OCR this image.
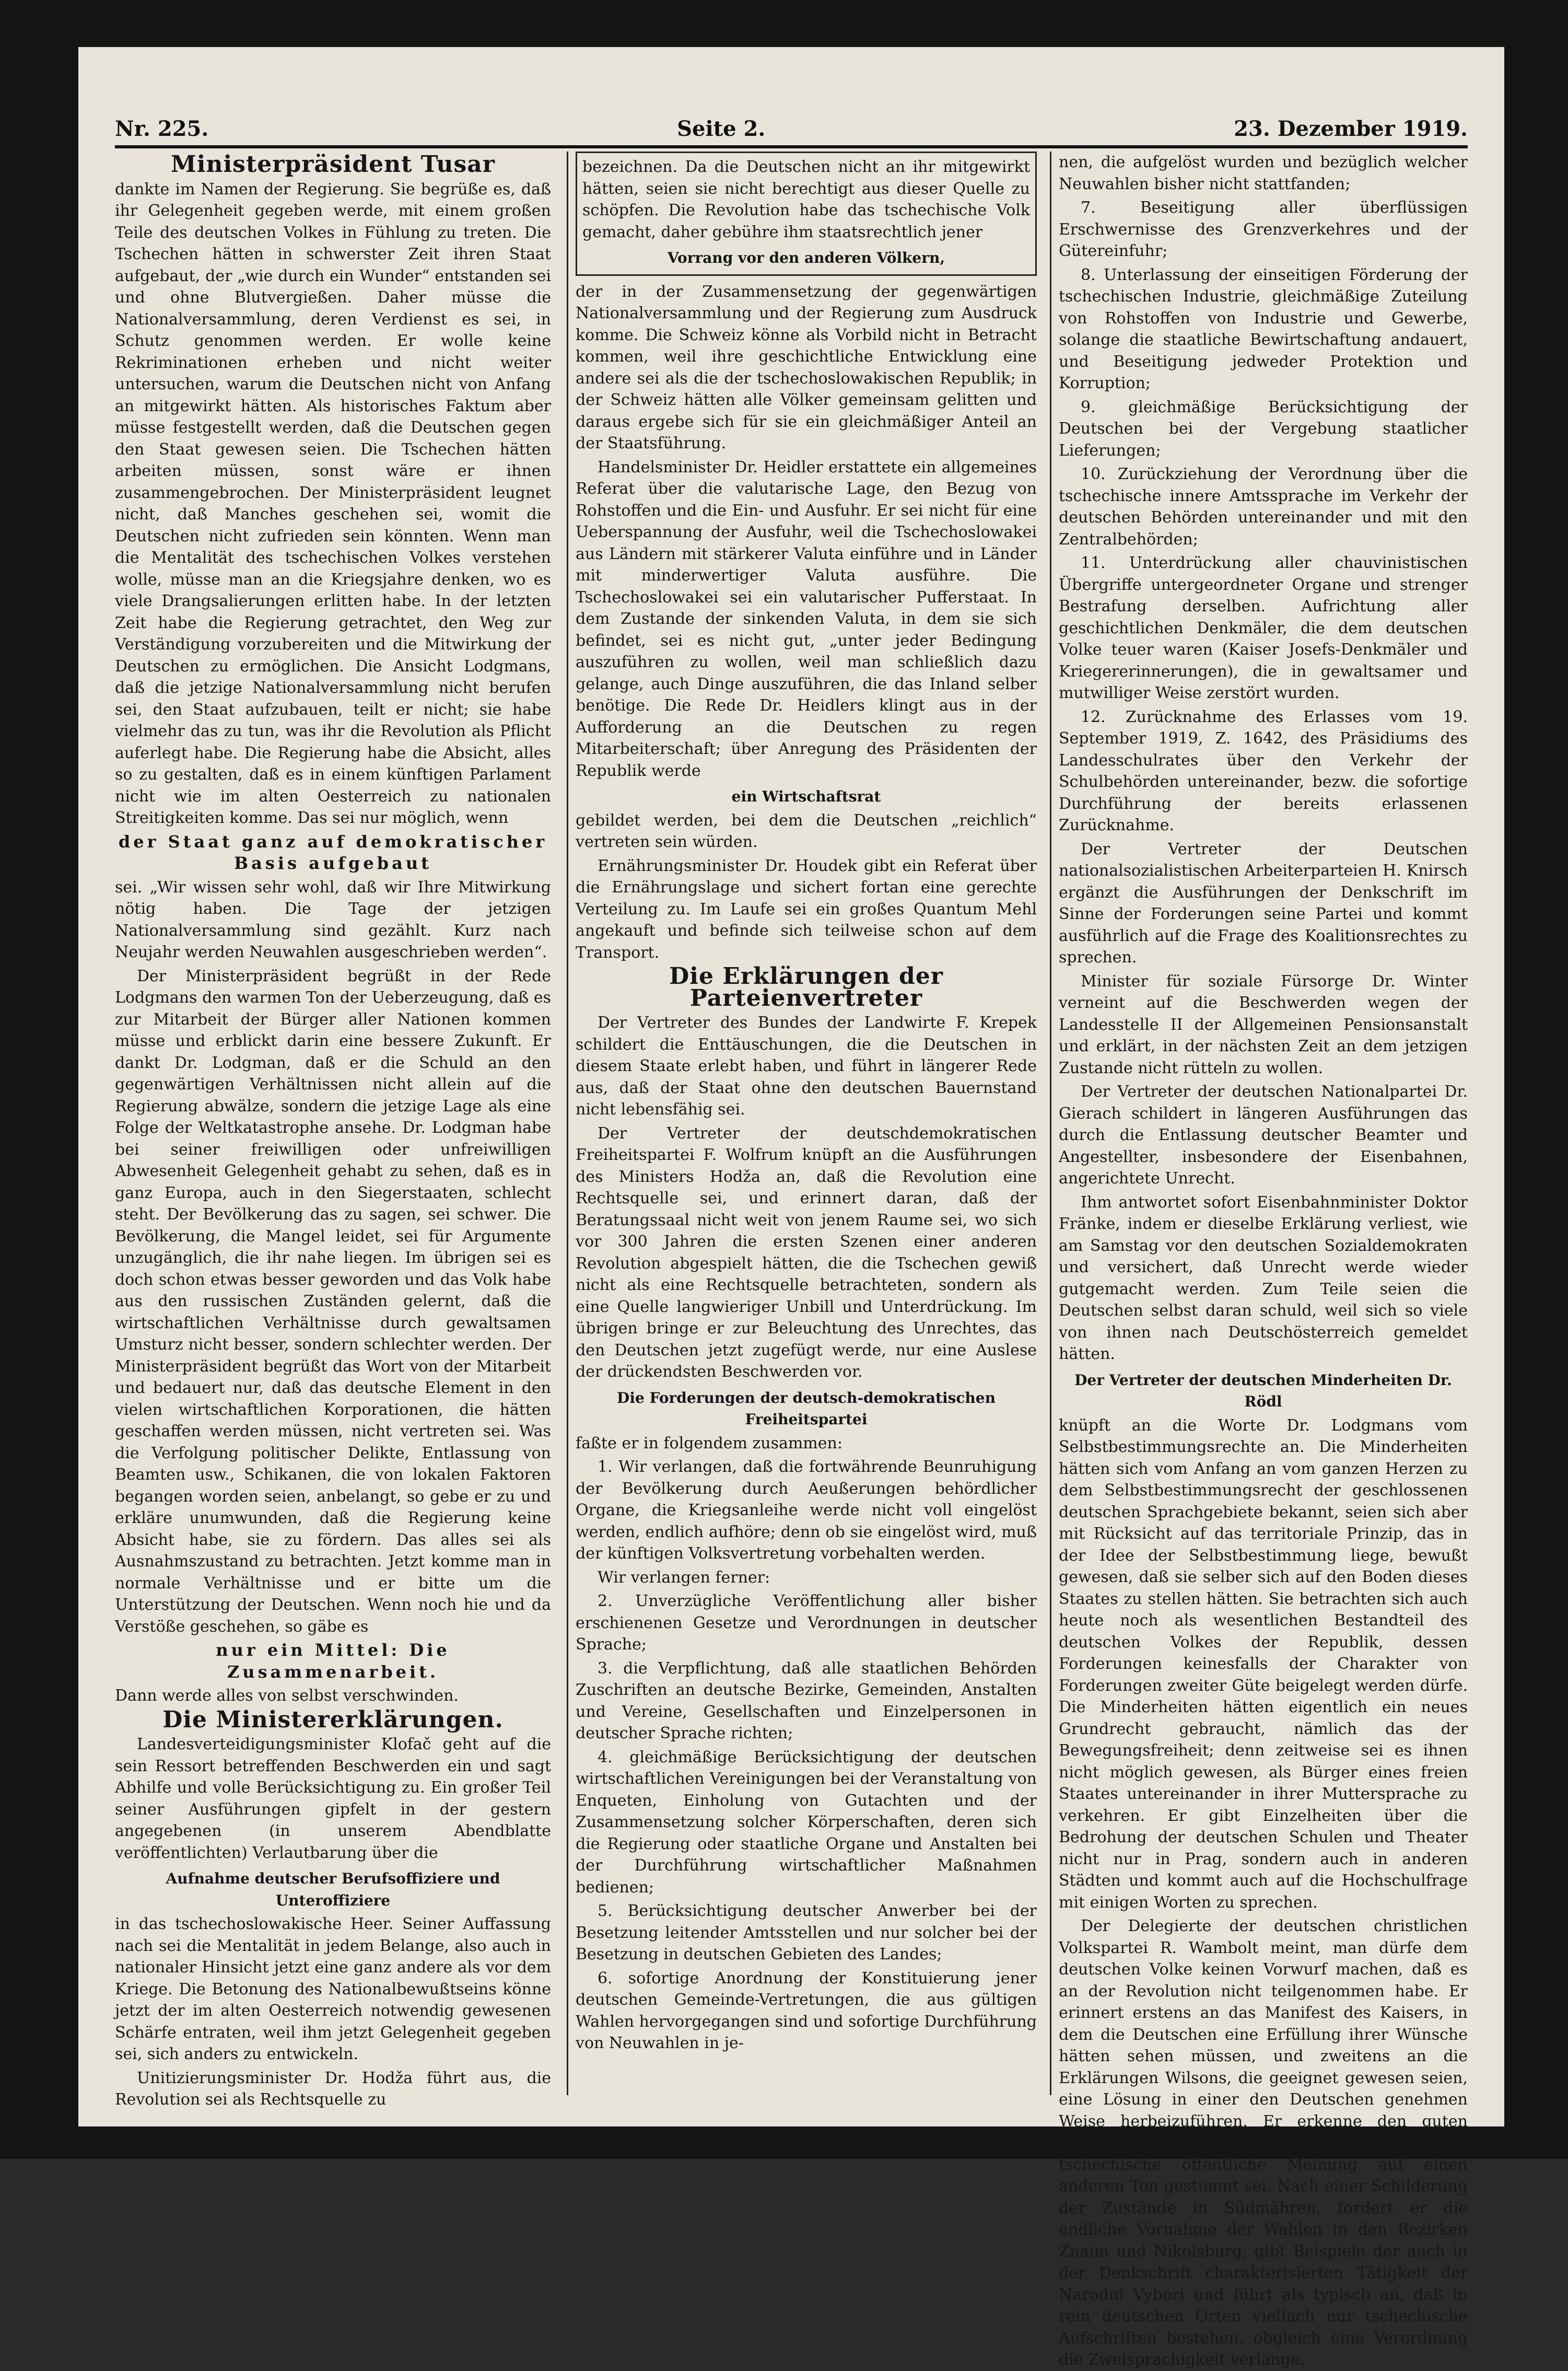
Nr. 225.	Seite 2.	23. Dezember 1919.
Ministerpräsident Tusar

dankte im Namen der Regierung. Sie begrüße es, daß ihr Gelegenheit gegeben werde, mit einem großen Teile des deutschen Volkes in Fühlung zu treten. Die Tschechen hätten in schwerster Zeit ihren Staat aufgebaut, der „wie durch ein Wunder“ entstanden sei und ohne Blutvergießen. Daher müsse die Nationalversammlung, deren Verdienst es sei, in Schutz genommen werden. Er wolle keine Rekriminationen erheben und nicht weiter untersuchen, warum die Deutschen nicht von Anfang an mitgewirkt hätten. Als historisches Faktum aber müsse festgestellt werden, daß die Deutschen gegen den Staat gewesen seien. Die Tschechen hätten arbeiten müssen, sonst wäre er ihnen zusammengebrochen. Der Ministerpräsident leugnet nicht, daß Manches geschehen sei, womit die Deutschen nicht zufrieden sein könnten. Wenn man die Mentalität des tschechischen Volkes verstehen wolle, müsse man an die Kriegsjahre denken, wo es viele Drangsalierungen erlitten habe. In der letzten Zeit habe die Regierung getrachtet, den Weg zur Verständigung vorzubereiten und die Mitwirkung der Deutschen zu ermöglichen. Die Ansicht Lodgmans, daß die jetzige Nationalversammlung nicht berufen sei, den Staat aufzubauen, teilt er nicht; sie habe vielmehr das zu tun, was ihr die Revolution als Pflicht auferlegt habe. Die Regierung habe die Absicht, alles so zu gestalten, daß es in einem künftigen Parlament nicht wie im alten Oesterreich zu nationalen Streitigkeiten komme. Das sei nur möglich, wenn

der Staat ganz auf demokratischer Basis aufgebaut

sei. „Wir wissen sehr wohl, daß wir Ihre Mitwirkung nötig haben. Die Tage der jetzigen Nationalversammlung sind gezählt. Kurz nach Neujahr werden Neuwahlen ausgeschrieben werden“.

Der Ministerpräsident begrüßt in der Rede Lodgmans den warmen Ton der Ueberzeugung, daß es zur Mitarbeit der Bürger aller Nationen kommen müsse und erblickt darin eine bessere Zukunft. Er dankt Dr. Lodgman, daß er die Schuld an den gegenwärtigen Verhältnissen nicht allein auf die Regierung abwälze, sondern die jetzige Lage als eine Folge der Weltkatastrophe ansehe. Dr. Lodgman habe bei seiner freiwilligen oder unfreiwilligen Abwesenheit Gelegenheit gehabt zu sehen, daß es in ganz Europa, auch in den Siegerstaaten, schlecht steht. Der Bevölkerung das zu sagen, sei schwer. Die Bevölkerung, die Mangel leidet, sei für Argumente unzugänglich, die ihr nahe liegen. Im übrigen sei es doch schon etwas besser geworden und das Volk habe aus den russischen Zuständen gelernt, daß die wirtschaftlichen Verhältnisse durch gewaltsamen Umsturz nicht besser, sondern schlechter werden. Der Ministerpräsident begrüßt das Wort von der Mitarbeit und bedauert nur, daß das deutsche Element in den vielen wirtschaftlichen Korporationen, die hätten geschaffen werden müssen, nicht vertreten sei. Was die Verfolgung politischer Delikte, Entlassung von Beamten usw., Schikanen, die von lokalen Faktoren begangen worden seien, anbelangt, so gebe er zu und erkläre unumwunden, daß die Regierung keine Absicht habe, sie zu fördern. Das alles sei als Ausnahmszustand zu betrachten. Jetzt komme man in normale Verhältnisse und er bitte um die Unterstützung der Deutschen. Wenn noch hie und da Verstöße geschehen, so gäbe es

nur ein Mittel: Die Zusammenarbeit.

Dann werde alles von selbst verschwinden.

Die Ministererklärungen.

Landesverteidigungsminister Klofač geht auf die sein Ressort betreffenden Beschwerden ein und sagt Abhilfe und volle Berücksichtigung zu. Ein großer Teil seiner Ausführungen gipfelt in der gestern angegebenen (in unserem Abendblatte veröffentlichten) Verlautbarung über die

Aufnahme deutscher Berufsoffiziere und Unteroffiziere

in das tschechoslowakische Heer. Seiner Auffassung nach sei die Mentalität in jedem Belange, also auch in nationaler Hinsicht jetzt eine ganz andere als vor dem Kriege. Die Betonung des Nationalbewußtseins könne jetzt der im alten Oesterreich notwendig gewesenen Schärfe entraten, weil ihm jetzt Gelegenheit gegeben sei, sich anders zu entwickeln.

Unitizierungsminister Dr. Hodža führt aus, die Revolution sei als Rechtsquelle zu

bezeichnen. Da die Deutschen nicht an ihr mitgewirkt hätten, seien sie nicht berechtigt aus dieser Quelle zu schöpfen. Die Revolution habe das tschechische Volk gemacht, daher gebühre ihm staatsrechtlich jener
Vorrang vor den anderen Völkern,

der in der Zusammensetzung der gegenwärtigen Nationalversammlung und der Regierung zum Ausdruck komme. Die Schweiz könne als Vorbild nicht in Betracht kommen, weil ihre geschichtliche Entwicklung eine andere sei als die der tschechoslowakischen Republik; in der Schweiz hätten alle Völker gemeinsam gelitten und daraus ergebe sich für sie ein gleichmäßiger Anteil an der Staatsführung.

Handelsminister Dr. Heidler erstattete ein allgemeines Referat über die valutarische Lage, den Bezug von Rohstoffen und die Ein- und Ausfuhr. Er sei nicht für eine Ueberspannung der Ausfuhr, weil die Tschechoslowakei aus Ländern mit stärkerer Valuta einführe und in Länder mit minderwertiger Valuta ausführe. Die Tschechoslowakei sei ein valutarischer Pufferstaat. In dem Zustande der sinkenden Valuta, in dem sie sich befindet, sei es nicht gut, „unter jeder Bedingung auszuführen zu wollen, weil man schließlich dazu gelange, auch Dinge auszuführen, die das Inland selber benötige. Die Rede Dr. Heidlers klingt aus in der Aufforderung an die Deutschen zu regen Mitarbeiterschaft; über Anregung des Präsidenten der Republik werde

ein Wirtschaftsrat

gebildet werden, bei dem die Deutschen „reichlich“ vertreten sein würden.

Ernährungsminister Dr. Houdek gibt ein Referat über die Ernährungslage und sichert fortan eine gerechte Verteilung zu. Im Laufe sei ein großes Quantum Mehl angekauft und befinde sich teilweise schon auf dem Transport.

Die Erklärungen der Parteienvertreter

Der Vertreter des Bundes der Landwirte F. Krepek schildert die Enttäuschungen, die die Deutschen in diesem Staate erlebt haben, und führt in längerer Rede aus, daß der Staat ohne den deutschen Bauernstand nicht lebensfähig sei.

Der Vertreter der deutschdemokratischen Freiheitspartei F. Wolfrum knüpft an die Ausführungen des Ministers Hodža an, daß die Revolution eine Rechtsquelle sei, und erinnert daran, daß der Beratungssaal nicht weit von jenem Raume sei, wo sich vor 300 Jahren die ersten Szenen einer anderen Revolution abgespielt hätten, die die Tschechen gewiß nicht als eine Rechtsquelle betrachteten, sondern als eine Quelle langwieriger Unbill und Unterdrückung. Im übrigen bringe er zur Beleuchtung des Unrechtes, das den Deutschen jetzt zugefügt werde, nur eine Auslese der drückendsten Beschwerden vor.

Die Forderungen der deutsch-demokratischen Freiheitspartei

faßte er in folgendem zusammen:

1. Wir verlangen, daß die fortwährende Beunruhigung der Bevölkerung durch Aeußerungen behördlicher Organe, die Kriegsanleihe werde nicht voll eingelöst werden, endlich aufhöre; denn ob sie eingelöst wird, muß der künftigen Volksvertretung vorbehalten werden.

Wir verlangen ferner:

2. Unverzügliche Veröffentlichung aller bisher erschienenen Gesetze und Verordnungen in deutscher Sprache;

3. die Verpflichtung, daß alle staatlichen Behörden Zuschriften an deutsche Bezirke, Gemeinden, Anstalten und Vereine, Gesellschaften und Einzelpersonen in deutscher Sprache richten;

4. gleichmäßige Berücksichtigung der deutschen wirtschaftlichen Vereinigungen bei der Veranstaltung von Enqueten, Einholung von Gutachten und der Zusammensetzung solcher Körperschaften, deren sich die Regierung oder staatliche Organe und Anstalten bei der Durchführung wirtschaftlicher Maßnahmen bedienen;

5. Berücksichtigung deutscher Anwerber bei der Besetzung leitender Amtsstellen und nur solcher bei der Besetzung in deutschen Gebieten des Landes;

6. sofortige Anordnung der Konstituierung jener deutschen Gemeinde-Vertretungen, die aus gültigen Wahlen hervorgegangen sind und sofortige Durchführung von Neuwahlen in je-

nen, die aufgelöst wurden und bezüglich welcher Neuwahlen bisher nicht stattfanden;

7. Beseitigung aller überflüssigen Erschwernisse des Grenzverkehres und der Gütereinfuhr;

8. Unterlassung der einseitigen Förderung der tschechischen Industrie, gleichmäßige Zuteilung von Rohstoffen von Industrie und Gewerbe, solange die staatliche Bewirtschaftung andauert, und Beseitigung jedweder Protektion und Korruption;

9. gleichmäßige Berücksichtigung der Deutschen bei der Vergebung staatlicher Lieferungen;

10. Zurückziehung der Verordnung über die tschechische innere Amtssprache im Verkehr der deutschen Behörden untereinander und mit den Zentralbehörden;

11. Unterdrückung aller chauvinistischen Übergriffe untergeordneter Organe und strenger Bestrafung derselben. Aufrichtung aller geschichtlichen Denkmäler, die dem deutschen Volke teuer waren (Kaiser Josefs-Denkmäler und Kriegererinnerungen), die in gewaltsamer und mutwilliger Weise zerstört wurden.

12. Zurücknahme des Erlasses vom 19. September 1919, Z. 1642, des Präsidiums des Landesschulrates über den Verkehr der Schulbehörden untereinander, bezw. die sofortige Durchführung der bereits erlassenen Zurücknahme.

Der Vertreter der Deutschen nationalsozialistischen Arbeiterparteien H. Knirsch ergänzt die Ausführungen der Denkschrift im Sinne der Forderungen seine Partei und kommt ausführlich auf die Frage des Koalitionsrechtes zu sprechen.

Minister für soziale Fürsorge Dr. Winter verneint auf die Beschwerden wegen der Landesstelle II der Allgemeinen Pensionsanstalt und erklärt, in der nächsten Zeit an dem jetzigen Zustande nicht rütteln zu wollen.

Der Vertreter der deutschen Nationalpartei Dr. Gierach schildert in längeren Ausführungen das durch die Entlassung deutscher Beamter und Angestellter, insbesondere der Eisenbahnen, angerichtete Unrecht.

Ihm antwortet sofort Eisenbahnminister Doktor Fränke, indem er dieselbe Erklärung verliest, wie am Samstag vor den deutschen Sozialdemokraten und versichert, daß Unrecht werde wieder gutgemacht werden. Zum Teile seien die Deutschen selbst daran schuld, weil sich so viele von ihnen nach Deutschösterreich gemeldet hätten.

Der Vertreter der deutschen Minderheiten Dr. Rödl

knüpft an die Worte Dr. Lodgmans vom Selbstbestimmungsrechte an. Die Minderheiten hätten sich vom Anfang an vom ganzen Herzen zu dem Selbstbestimmungsrecht der geschlossenen deutschen Sprachgebiete bekannt, seien sich aber mit Rücksicht auf das territoriale Prinzip, das in der Idee der Selbstbestimmung liege, bewußt gewesen, daß sie selber sich auf den Boden dieses Staates zu stellen hätten. Sie betrachten sich auch heute noch als wesentlichen Bestandteil des deutschen Volkes der Republik, dessen Forderungen keinesfalls der Charakter von Forderungen zweiter Güte beigelegt werden dürfe. Die Minderheiten hätten eigentlich ein neues Grundrecht gebraucht, nämlich das der Bewegungsfreiheit; denn zeitweise sei es ihnen nicht möglich gewesen, als Bürger eines freien Staates untereinander in ihrer Muttersprache zu verkehren. Er gibt Einzelheiten über die Bedrohung der deutschen Schulen und Theater nicht nur in Prag, sondern auch in anderen Städten und kommt auch auf die Hochschulfrage mit einigen Worten zu sprechen.

Der Delegierte der deutschen christlichen Volkspartei R. Wambolt meint, man dürfe dem deutschen Volke keinen Vorwurf machen, daß es an der Revolution nicht teilgenommen habe. Er erinnert erstens an das Manifest des Kaisers, in dem die Deutschen eine Erfüllung ihrer Wünsche hätten sehen müssen, und zweitens an die Erklärungen Wilsons, die geeignet gewesen seien, eine Lösung in einer den Deutschen genehmen Weise herbeizuführen. Er erkenne den guten Willen der Regierung an, bedaure aber, daß die tschechische öffentliche Meinung auf einen anderen Ton gestimmt sei. Nach einer Schilderung der Zustände in Südmähren, fordert er die endliche Vornahme der Wahlen in den Bezirken Znaim und Nikolsburg, gibt Beispiele der auch in der Denkschrift charakterisierten Tätigkeit der Narodni Vybori und führt als typisch an, daß in rein deutschen Orten vielfach nur tschechische Aufschriften bestehen, obgleich eine Verordnung die Zweisprachigkeit verlange.
